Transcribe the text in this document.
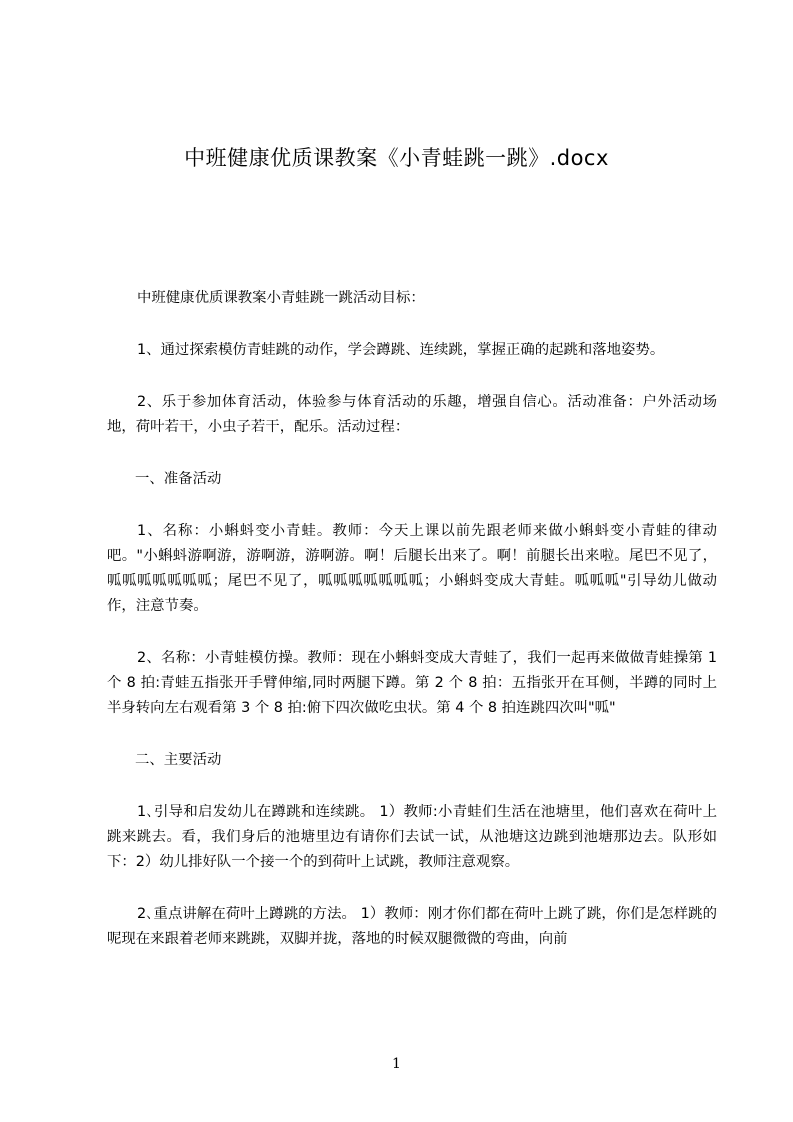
中班健康优质课教案《小青蛙跳一跳》.docx

中班健康优质课教案小青蛙跳一跳活动目标：

1、通过探索模仿青蛙跳的动作，学会蹲跳、连续跳，掌握正确的起跳和落地姿势。

2、乐于参加体育活动，体验参与体育活动的乐趣，增强自信心。活动准备：户外活动场地，荷叶若干，小虫子若干，配乐。活动过程：

一、准备活动

1、名称：小蝌蚪变小青蛙。教师：今天上课以前先跟老师来做小蝌蚪变小青蛙的律动吧。"小蝌蚪游啊游，游啊游，游啊游。啊！后腿长出来了。啊！前腿长出来啦。尾巴不见了，呱呱呱呱呱呱呱；尾巴不见了，呱呱呱呱呱呱呱；小蝌蚪变成大青蛙。呱呱呱"引导幼儿做动作，注意节奏。

2、名称：小青蛙模仿操。教师：现在小蝌蚪变成大青蛙了，我们一起再来做做青蛙操第 1 个 8 拍:青蛙五指张开手臂伸缩,同时两腿下蹲。第 2 个 8 拍：五指张开在耳侧，半蹲的同时上半身转向左右观看第 3 个 8 拍:俯下四次做吃虫状。第 4 个 8 拍连跳四次叫"呱"

二、主要活动

1､引导和启发幼儿在蹲跳和连续跳。 1）教师:小青蛙们生活在池塘里，他们喜欢在荷叶上跳来跳去。看，我们身后的池塘里边有请你们去试一试，从池塘这边跳到池塘那边去。队形如下：2）幼儿排好队一个接一个的到荷叶上试跳，教师注意观察。

2､重点讲解在荷叶上蹲跳的方法。 1）教师：刚才你们都在荷叶上跳了跳，你们是怎样跳的呢现在来跟着老师来跳跳，双脚并拢，落地的时候双腿微微的弯曲，向前

1
